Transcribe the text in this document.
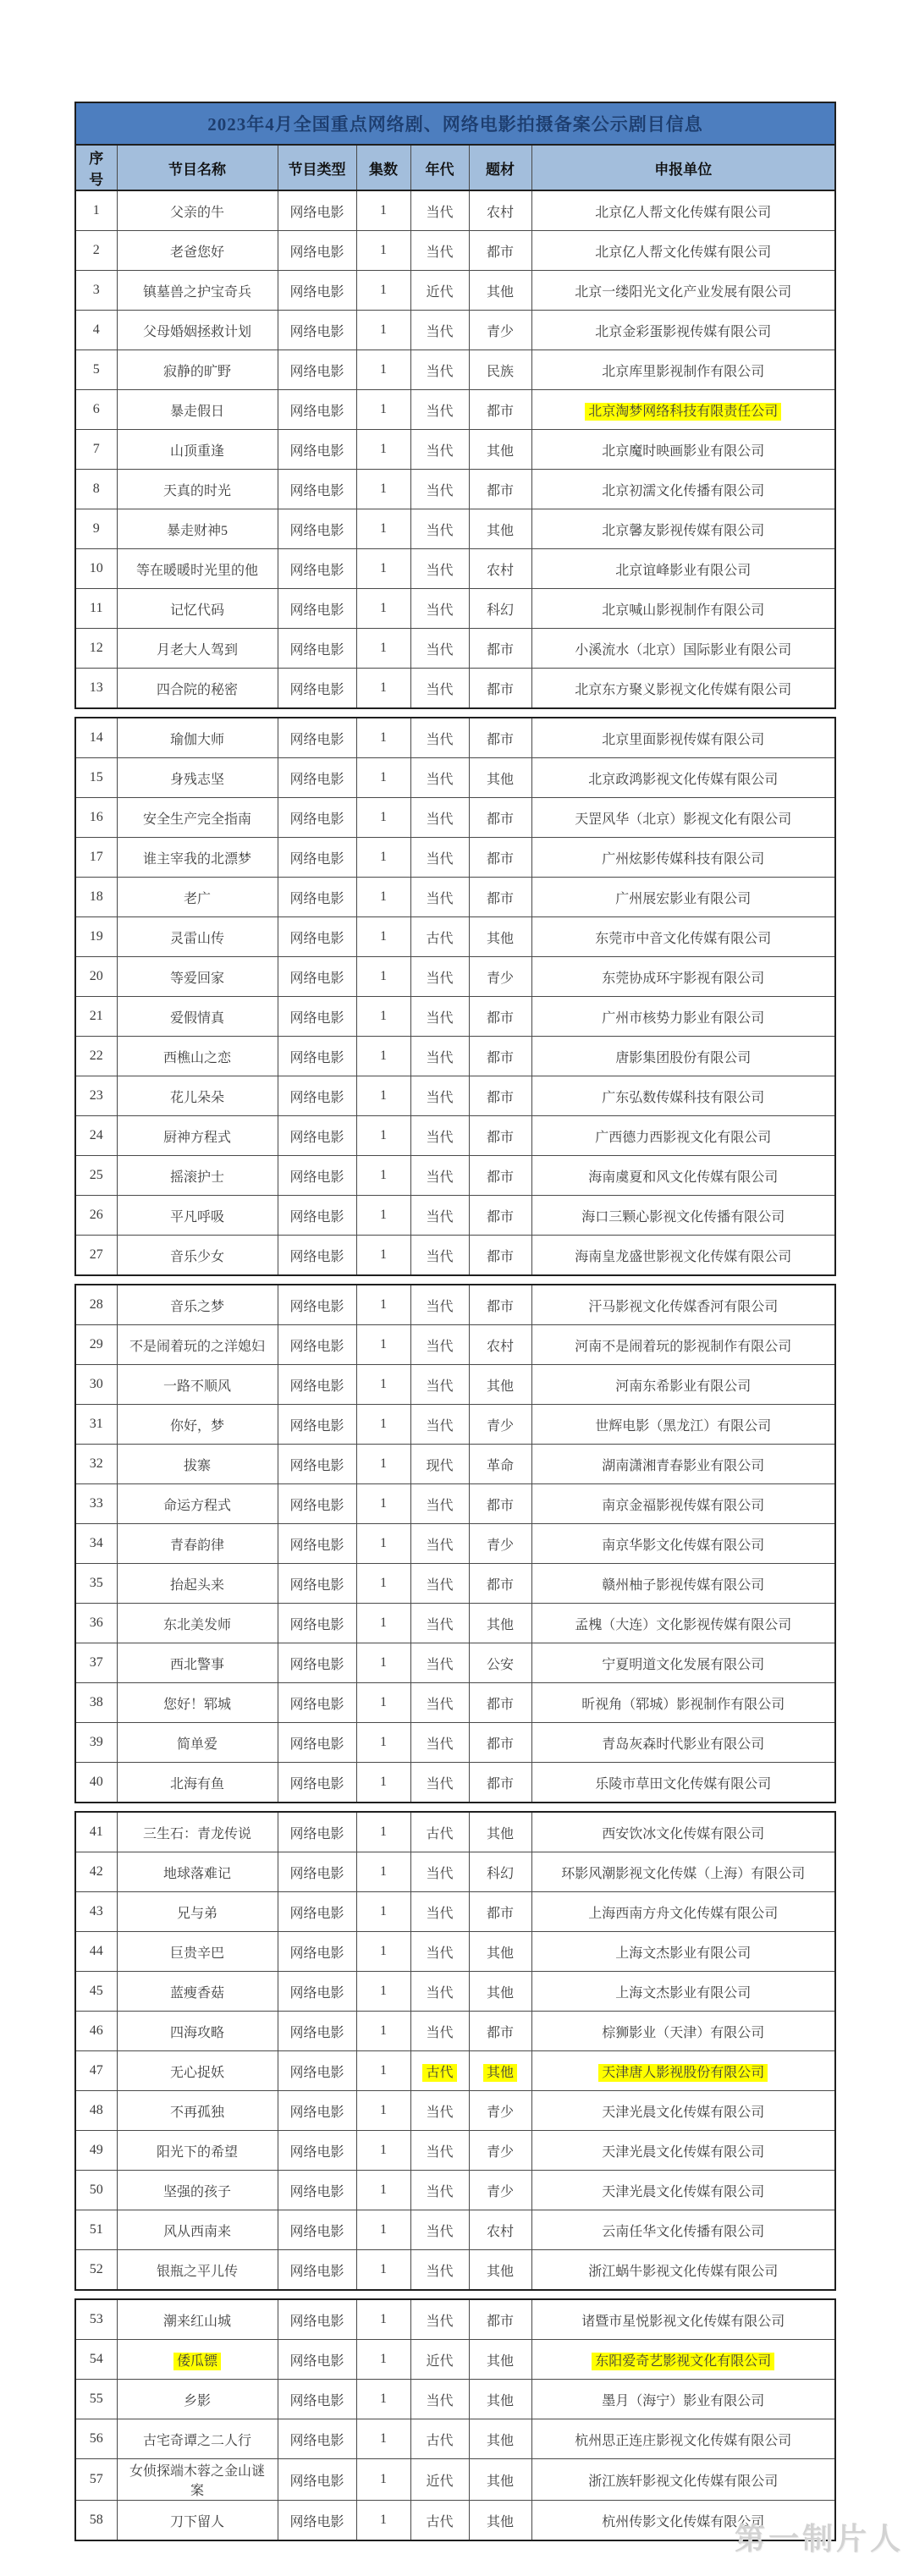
2023年4月全国重点网络剧、网络电影拍摄备案公示剧目信息						
序号	节目名称	节目类型	集数	年代	题材	申报单位
1	父亲的牛	网络电影	1	当代	农村	北京亿人帮文化传媒有限公司
2	老爸您好	网络电影	1	当代	都市	北京亿人帮文化传媒有限公司
3	镇墓兽之护宝奇兵	网络电影	1	近代	其他	北京一缕阳光文化产业发展有限公司
4	父母婚姻拯救计划	网络电影	1	当代	青少	北京金彩蛋影视传媒有限公司
5	寂静的旷野	网络电影	1	当代	民族	北京库里影视制作有限公司
6	暴走假日	网络电影	1	当代	都市	北京淘梦网络科技有限责任公司
7	山顶重逢	网络电影	1	当代	其他	北京魔时映画影业有限公司
8	天真的时光	网络电影	1	当代	都市	北京初濡文化传播有限公司
9	暴走财神5	网络电影	1	当代	其他	北京馨友影视传媒有限公司
10	等在暖暖时光里的他	网络电影	1	当代	农村	北京谊峰影业有限公司
11	记忆代码	网络电影	1	当代	科幻	北京喊山影视制作有限公司
12	月老大人驾到	网络电影	1	当代	都市	小溪流水（北京）国际影业有限公司
13	四合院的秘密	网络电影	1	当代	都市	北京东方聚义影视文化传媒有限公司
14	瑜伽大师	网络电影	1	当代	都市	北京里面影视传媒有限公司
15	身残志坚	网络电影	1	当代	其他	北京政鸿影视文化传媒有限公司
16	安全生产完全指南	网络电影	1	当代	都市	天罡风华（北京）影视文化有限公司
17	谁主宰我的北漂梦	网络电影	1	当代	都市	广州炫影传媒科技有限公司
18	老广	网络电影	1	当代	都市	广州展宏影业有限公司
19	灵雷山传	网络电影	1	古代	其他	东莞市中音文化传媒有限公司
20	等爱回家	网络电影	1	当代	青少	东莞协成环宇影视有限公司
21	爱假情真	网络电影	1	当代	都市	广州市核势力影业有限公司
22	西樵山之恋	网络电影	1	当代	都市	唐影集团股份有限公司
23	花儿朵朵	网络电影	1	当代	都市	广东弘数传媒科技有限公司
24	厨神方程式	网络电影	1	当代	都市	广西德力西影视文化有限公司
25	摇滚护士	网络电影	1	当代	都市	海南虞夏和风文化传媒有限公司
26	平凡呼吸	网络电影	1	当代	都市	海口三颗心影视文化传播有限公司
27	音乐少女	网络电影	1	当代	都市	海南皇龙盛世影视文化传媒有限公司
28	音乐之梦	网络电影	1	当代	都市	汗马影视文化传媒香河有限公司
29	不是闹着玩的之洋媳妇	网络电影	1	当代	农村	河南不是闹着玩的影视制作有限公司
30	一路不顺风	网络电影	1	当代	其他	河南东希影业有限公司
31	你好，梦	网络电影	1	当代	青少	世辉电影（黑龙江）有限公司
32	拔寨	网络电影	1	现代	革命	湖南潇湘青春影业有限公司
33	命运方程式	网络电影	1	当代	都市	南京金福影视传媒有限公司
34	青春韵律	网络电影	1	当代	青少	南京华影文化传媒有限公司
35	抬起头来	网络电影	1	当代	都市	赣州柚子影视传媒有限公司
36	东北美发师	网络电影	1	当代	其他	孟槐（大连）文化影视传媒有限公司
37	西北警事	网络电影	1	当代	公安	宁夏明道文化发展有限公司
38	您好！郓城	网络电影	1	当代	都市	昕视角（郓城）影视制作有限公司
39	简单爱	网络电影	1	当代	都市	青岛灰森时代影业有限公司
40	北海有鱼	网络电影	1	当代	都市	乐陵市草田文化传媒有限公司
41	三生石：青龙传说	网络电影	1	古代	其他	西安饮冰文化传媒有限公司
42	地球落难记	网络电影	1	当代	科幻	环影风潮影视文化传媒（上海）有限公司
43	兄与弟	网络电影	1	当代	都市	上海西南方舟文化传媒有限公司
44	巨贵辛巴	网络电影	1	当代	其他	上海文杰影业有限公司
45	蓝瘦香菇	网络电影	1	当代	其他	上海文杰影业有限公司
46	四海攻略	网络电影	1	当代	都市	棕狮影业（天津）有限公司
47	无心捉妖	网络电影	1	古代	其他	天津唐人影视股份有限公司
48	不再孤独	网络电影	1	当代	青少	天津光晨文化传媒有限公司
49	阳光下的希望	网络电影	1	当代	青少	天津光晨文化传媒有限公司
50	坚强的孩子	网络电影	1	当代	青少	天津光晨文化传媒有限公司
51	风从西南来	网络电影	1	当代	农村	云南任华文化传播有限公司
52	银瓶之平儿传	网络电影	1	当代	其他	浙江蜗牛影视文化传媒有限公司
53	潮来红山城	网络电影	1	当代	都市	诸暨市星悦影视文化传媒有限公司
54	倭瓜镖	网络电影	1	近代	其他	东阳爱奇艺影视文化有限公司
55	乡影	网络电影	1	当代	其他	墨月（海宁）影业有限公司
56	古宅奇谭之二人行	网络电影	1	古代	其他	杭州思正连庄影视文化传媒有限公司
57	女侦探端木蓉之金山谜案	网络电影	1	近代	其他	浙江族轩影视文化传媒有限公司
58	刀下留人	网络电影	1	古代	其他	杭州传影文化传媒有限公司
第一制片人
